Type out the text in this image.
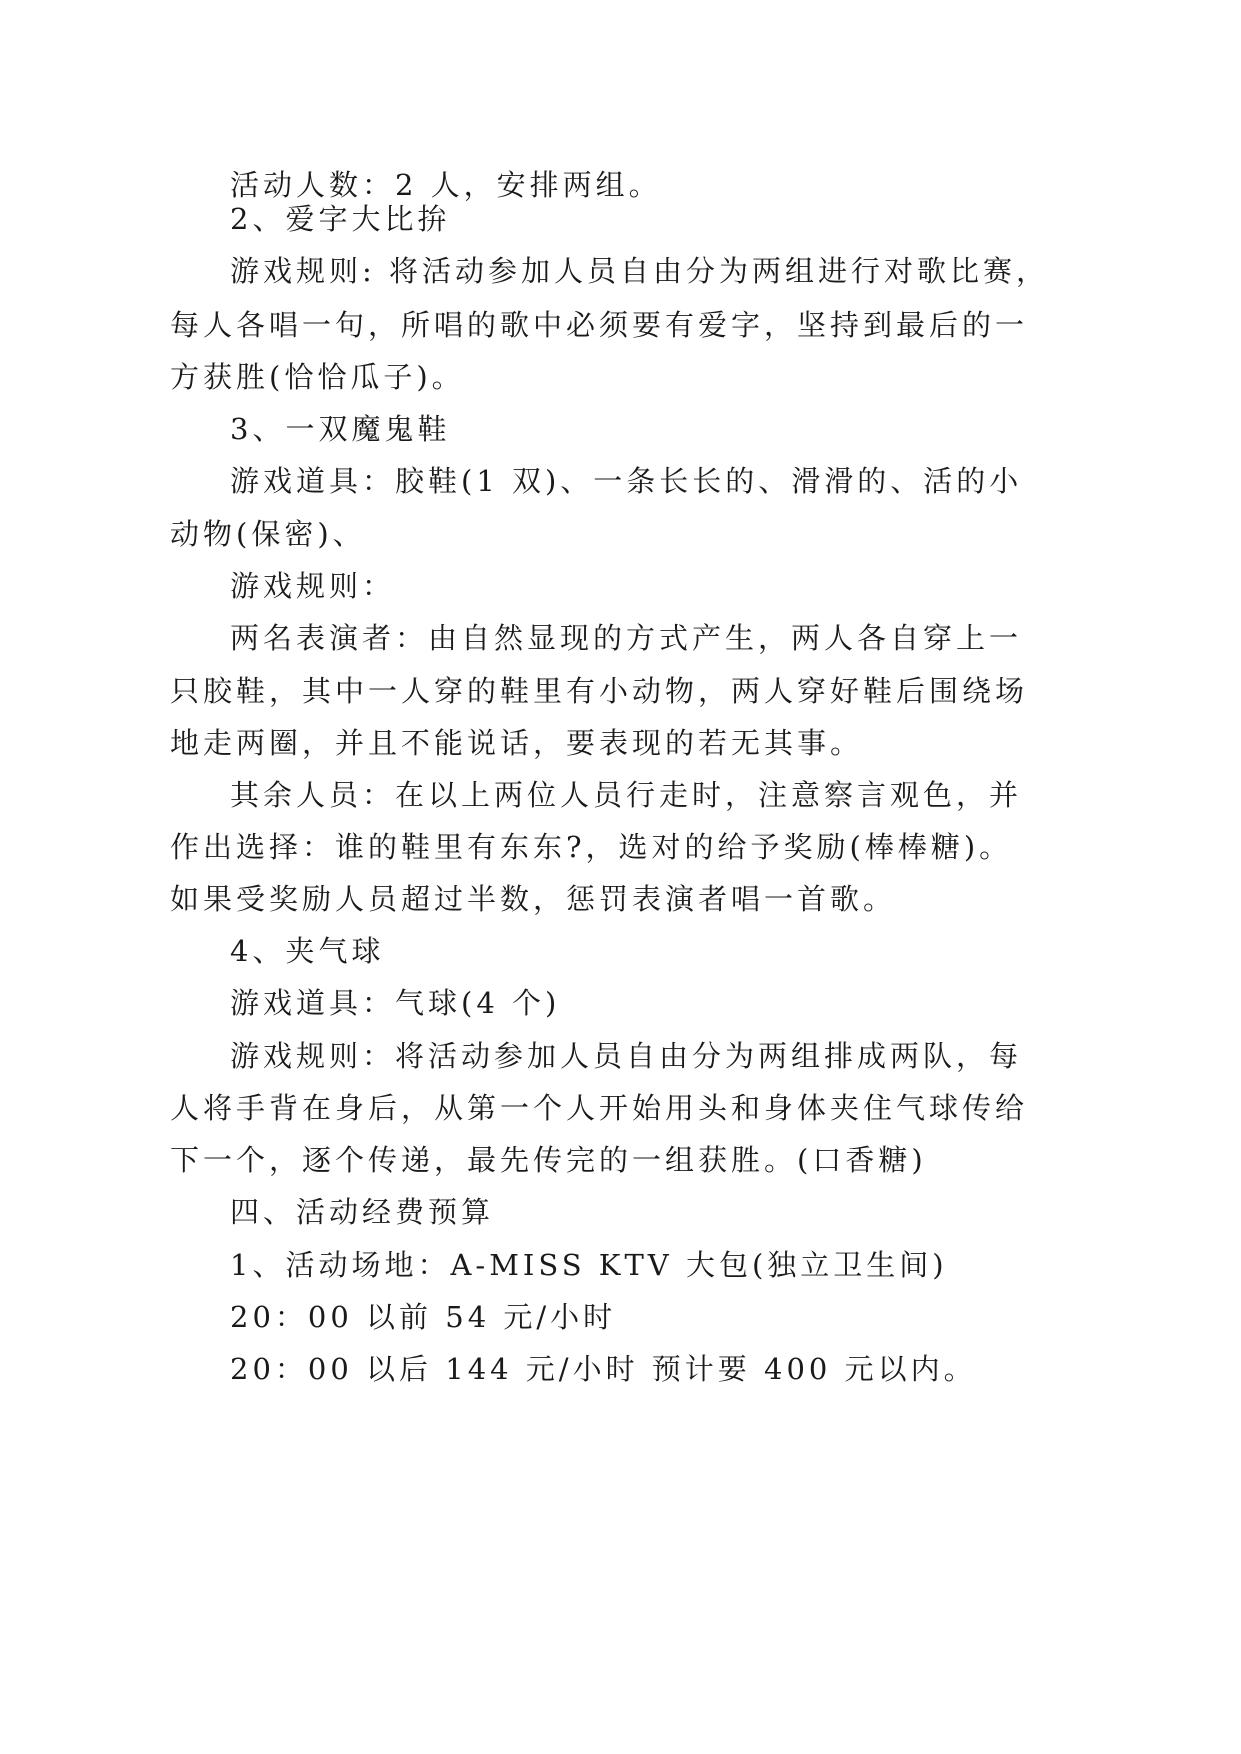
活动人数：2 人，安排两组。
2、爱字大比拚
游戏规则: 将活动参加人员自由分为两组进行对歌比赛，
每人各唱一句，所唱的歌中必须要有爱字，坚持到最后的一
方获胜(恰恰瓜子)。
3、一双魔鬼鞋
游戏道具：胶鞋(1 双)、一条长长的、滑滑的、活的小
动物(保密)、
游戏规则：
两名表演者：由自然显现的方式产生，两人各自穿上一
只胶鞋，其中一人穿的鞋里有小动物，两人穿好鞋后围绕场
地走两圈，并且不能说话，要表现的若无其事。
其余人员：在以上两位人员行走时，注意察言观色，并
作出选择：谁的鞋里有东东?，选对的给予奖励(棒棒糖)。
如果受奖励人员超过半数，惩罚表演者唱一首歌。
4、夹气球
游戏道具：气球(4 个)
游戏规则：将活动参加人员自由分为两组排成两队，每
人将手背在身后，从第一个人开始用头和身体夹住气球传给
下一个，逐个传递，最先传完的一组获胜。(口香糖)
四、活动经费预算
1、活动场地：A-MISS KTV 大包(独立卫生间)
20：00 以前 54 元/小时
20：00 以后 144 元/小时 预计要 400 元以内。
